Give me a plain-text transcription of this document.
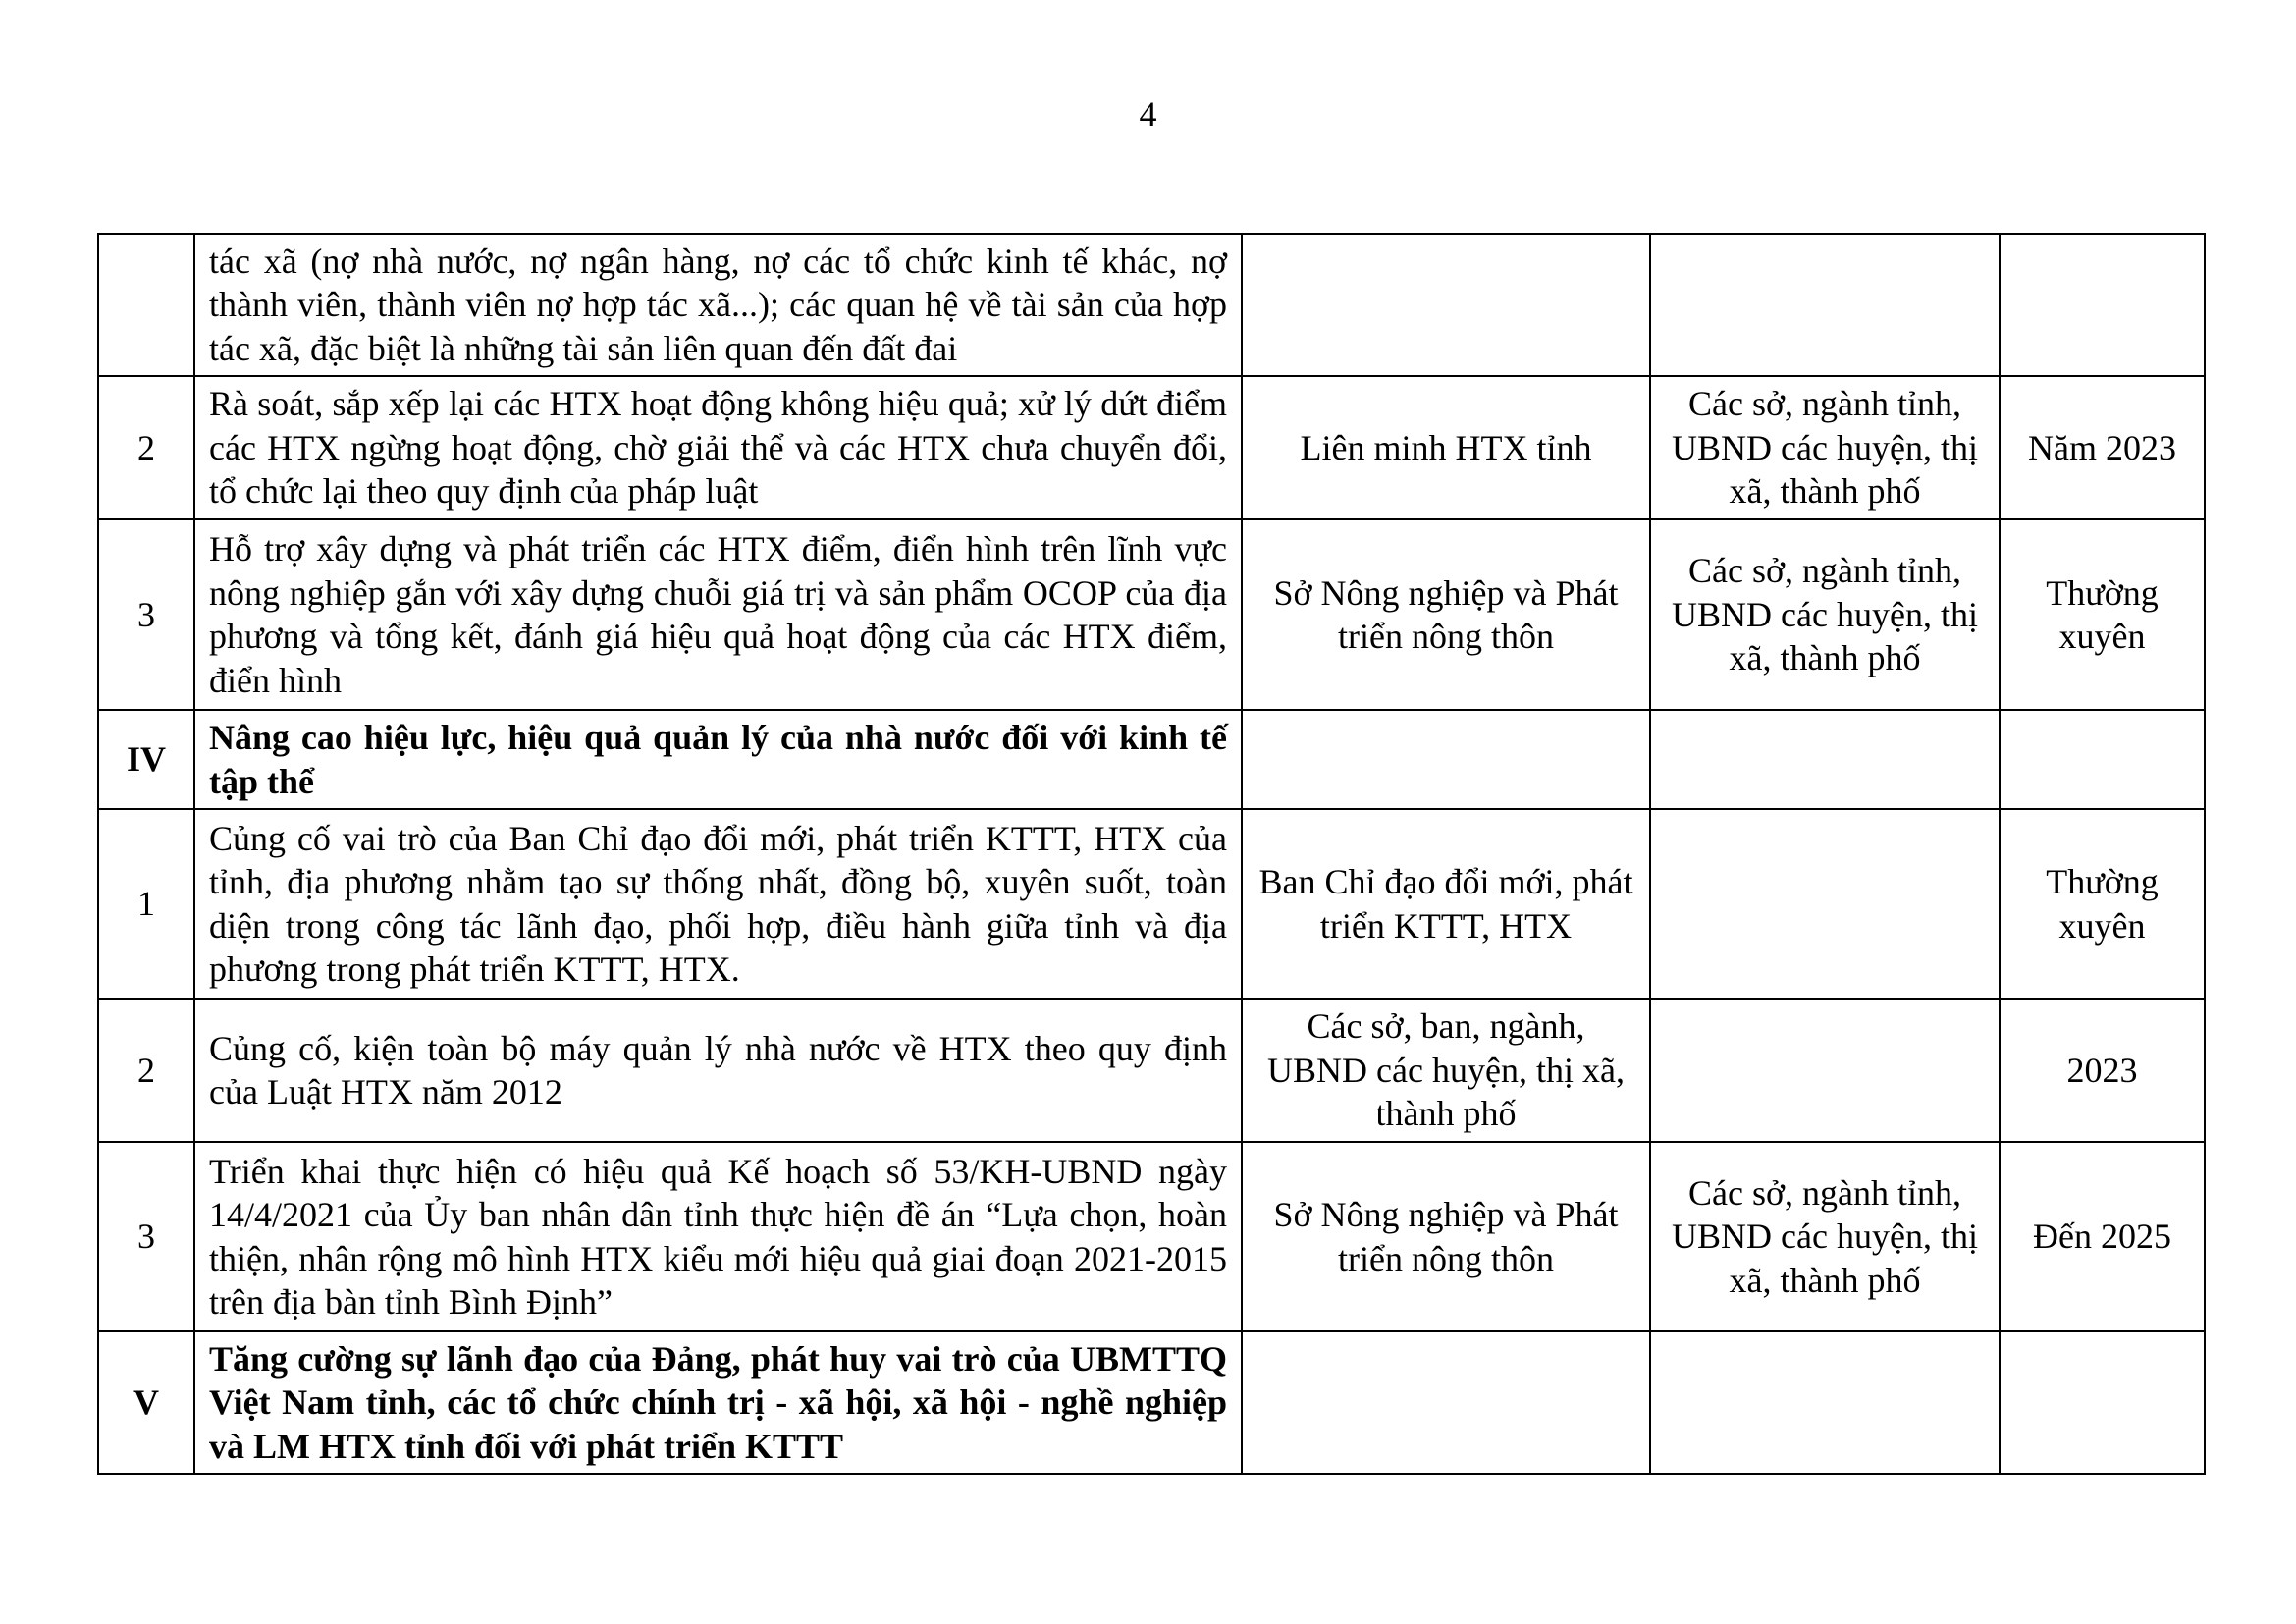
4
	tác xã (nợ nhà nước, nợ ngân hàng, nợ các tổ chức kinh tế khác, nợ thành viên, thành viên nợ hợp tác xã...); các quan hệ về tài sản của hợp tác xã, đặc biệt là những tài sản liên quan đến đất đai			
2	Rà soát, sắp xếp lại các HTX hoạt động không hiệu quả; xử lý dứt điểm các HTX ngừng hoạt động, chờ giải thể và các HTX chưa chuyển đổi, tổ chức lại theo quy định của pháp luật	Liên minh HTX tỉnh	Các sở, ngành tỉnh, UBND các huyện, thị xã, thành phố	Năm 2023
3	Hỗ trợ xây dựng và phát triển các HTX điểm, điển hình trên lĩnh vực nông nghiệp gắn với xây dựng chuỗi giá trị và sản phẩm OCOP của địa phương và tổng kết, đánh giá hiệu quả hoạt động của các HTX điểm, điển hình	Sở Nông nghiệp và Phát triển nông thôn	Các sở, ngành tỉnh, UBND các huyện, thị xã, thành phố	Thường xuyên
IV	Nâng cao hiệu lực, hiệu quả quản lý của nhà nước đối với kinh tế tập thể			
1	Củng cố vai trò của Ban Chỉ đạo đổi mới, phát triển KTTT, HTX của tỉnh, địa phương nhằm tạo sự thống nhất, đồng bộ, xuyên suốt, toàn diện trong công tác lãnh đạo, phối hợp, điều hành giữa tỉnh và địa phương trong phát triển KTTT, HTX.	Ban Chỉ đạo đổi mới, phát triển KTTT, HTX		Thường xuyên
2	Củng cố, kiện toàn bộ máy quản lý nhà nước về HTX theo quy định của Luật HTX năm 2012	Các sở, ban, ngành, UBND các huyện, thị xã, thành phố		2023
3	Triển khai thực hiện có hiệu quả Kế hoạch số 53/KH-UBND ngày 14/4/2021 của Ủy ban nhân dân tỉnh thực hiện đề án “Lựa chọn, hoàn thiện, nhân rộng mô hình HTX kiểu mới hiệu quả giai đoạn 2021-2015 trên địa bàn tỉnh Bình Định”	Sở Nông nghiệp và Phát triển nông thôn	Các sở, ngành tỉnh, UBND các huyện, thị xã, thành phố	Đến 2025
V	Tăng cường sự lãnh đạo của Đảng, phát huy vai trò của UBMTTQ Việt Nam tỉnh, các tổ chức chính trị - xã hội, xã hội - nghề nghiệp và LM HTX tỉnh đối với phát triển KTTT			
